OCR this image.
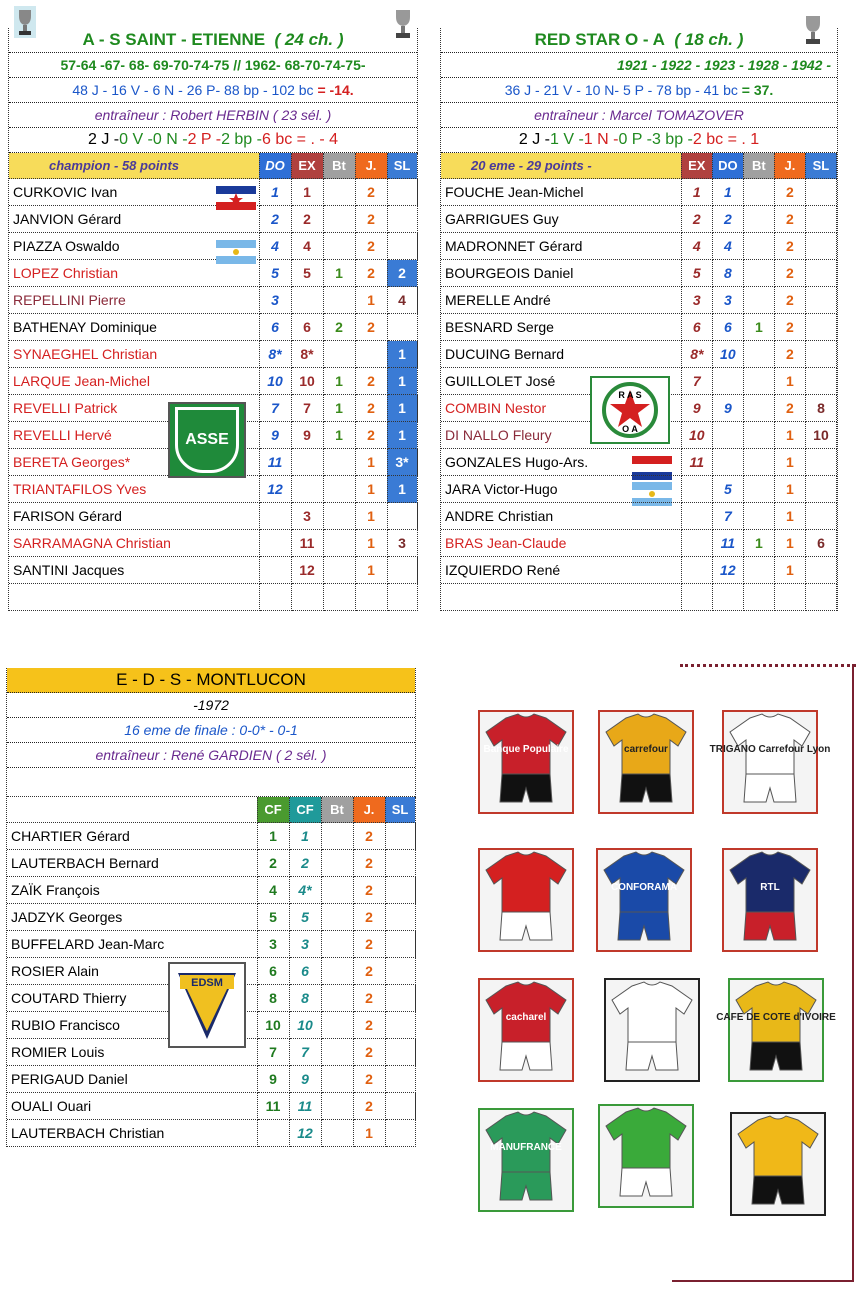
A - S SAINT - ETIENNE
( 24 ch. )
57-64 -67- 68- 69-70-74-75 // 1962- 68-70-74-75-
48 J - 16 V - 6 N - 26 P- 88 bp - 102 bc
= -14.
entraîneur : Robert HERBIN ( 23 sél. )
2 J - 0 V - 0 N - 2 P - 2 bp - 6 bc = . - 4
champion - 58 points	DO	EX	Bt	J.	SL
CURKOVIC Ivan	1	1		2	
JANVION Gérard	2	2		2	
PIAZZA Oswaldo	4	4		2	
LOPEZ Christian	5	5	1	2	2
REPELLINI Pierre	3			1	4
BATHENAY Dominique	6	6	2	2	
SYNAEGHEL Christian	8*	8*			1
LARQUE Jean-Michel	10	10	1	2	1
REVELLI Patrick	7	7	1	2	1
REVELLI Hervé	9	9	1	2	1
BERETA Georges*	11			1	3*
TRIANTAFILOS Yves	12			1	1
FARISON Gérard		3		1	
SARRAMAGNA Christian		11		1	3
SANTINI Jacques		12		1	

ASSE
RED STAR O - A
( 18 ch. )
1921 - 1922 - 1923 - 1928 - 1942 -
36 J - 21 V - 10 N- 5 P - 78 bp - 41 bc
= 37.
entraîneur : Marcel TOMAZOVER
2 J - 1 V - 1 N - 0 P - 3 bp - 2 bc = . 1
20 eme - 29 points -	EX	DO	Bt	J.	SL
FOUCHE Jean-Michel	1	1		2	
GARRIGUES Guy	2	2		2	
MADRONNET Gérard	4	4		2	
BOURGEOIS Daniel	5	8		2	
MERELLE André	3	3		2	
BESNARD Serge	6	6	1	2	
DUCUING Bernard	8*	10		2	
GUILLOLET José	7			1	
COMBIN Nestor	9	9		2	8
DI NALLO Fleury	10			1	10
GONZALES Hugo-Ars.	11			1	
JARA Victor-Hugo		5		1	
ANDRE Christian		7		1	
BRAS Jean-Claude		11	1	1	6
IZQUIERDO René		12		1	

R A S
O A
E - D - S - MONTLUCON
-1972
16 eme de finale : 0-0* - 0-1
entraîneur : René GARDIEN ( 2 sél. )
	CF	CF	Bt	J.	SL
CHARTIER Gérard	1	1		2	
LAUTERBACH Bernard	2	2		2	
ZAÏK François	4	4*		2	
JADZYK Georges	5	5		2	
BUFFELARD Jean-Marc	3	3		2	
ROSIER Alain	6	6		2	
COUTARD Thierry	8	8		2	
RUBIO Francisco	10	10		2	
ROMIER Louis	7	7		2	
PERIGAUD Daniel	9	9		2	
OUALI Ouari	11	11		2	
LAUTERBACH Christian		12		1	
EDSM
Banque Populaire	carrefour	TRIGANO Carrefour Lyon
CONFORAMA	RTL
cacharel	CAFE DE COTE d'IVOIRE
MANUFRANCE
